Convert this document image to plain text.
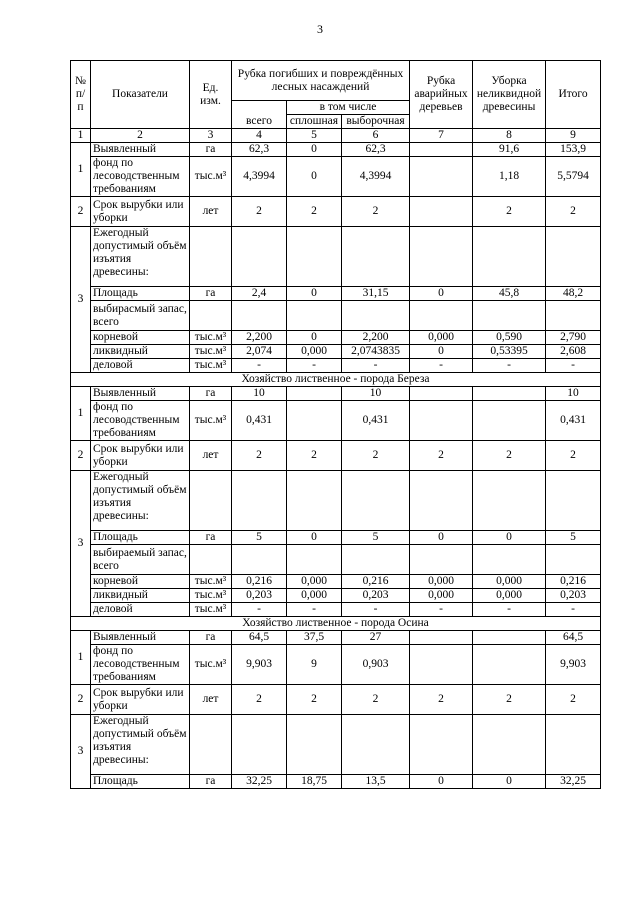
3
№ п/п	Показатели	Ед. изм.	Рубка погибших и повреждённых лесных насаждений			Рубка аварийных деревьев	Уборка неликвидной древесины	Итого
			всего	в том числе				
				сплошная	выборочная			
1	2	3	4	5	6	7	8	9
1	Выявленный	га	62,3	0	62,3		91,6	153,9
	фонд по лесоводственным требованиям	тыс.м³	4,3994	0	4,3994		1,18	5,5794
2	Срок вырубки или уборки	лет	2	2	2		2	2
3	Ежегодный допустимый объём изъятия древесины:							
	Площадь	га	2,4	0	31,15	0	45,8	48,2
	выбирасмый запас, всего							
	корневой	тыс.м³	2,200	0	2,200	0,000	0,590	2,790
	ликвидный	тыс.м³	2,074	0,000	2,0743835	0	0,53395	2,608
	деловой	тыс.м³	-	-	-	-	-	-
Хозяйство лиственное - порода Береза								
1	Выявленный	га	10		10			10
	фонд по лесоводственным требованиям	тыс.м³	0,431		0,431			0,431
2	Срок вырубки или уборки	лет	2	2	2	2	2	2
3	Ежегодный допустимый объём изъятия древесины:							
	Площадь	га	5	0	5	0	0	5
	выбираемый запас, всего							
	корневой	тыс.м³	0,216	0,000	0,216	0,000	0,000	0,216
	ликвидный	тыс.м³	0,203	0,000	0,203	0,000	0,000	0,203
	деловой	тыс.м³	-	-	-	-	-	-
Хозяйство лиственное - порода Осина								
1	Выявленный	га	64,5	37,5	27			64,5
	фонд по лесоводственным требованиям	тыс.м³	9,903	9	0,903			9,903
2	Срок вырубки или уборки	лет	2	2	2	2	2	2
3	Ежегодный допустимый объём изъятия древесины:							
	Площадь	га	32,25	18,75	13,5	0	0	32,25
